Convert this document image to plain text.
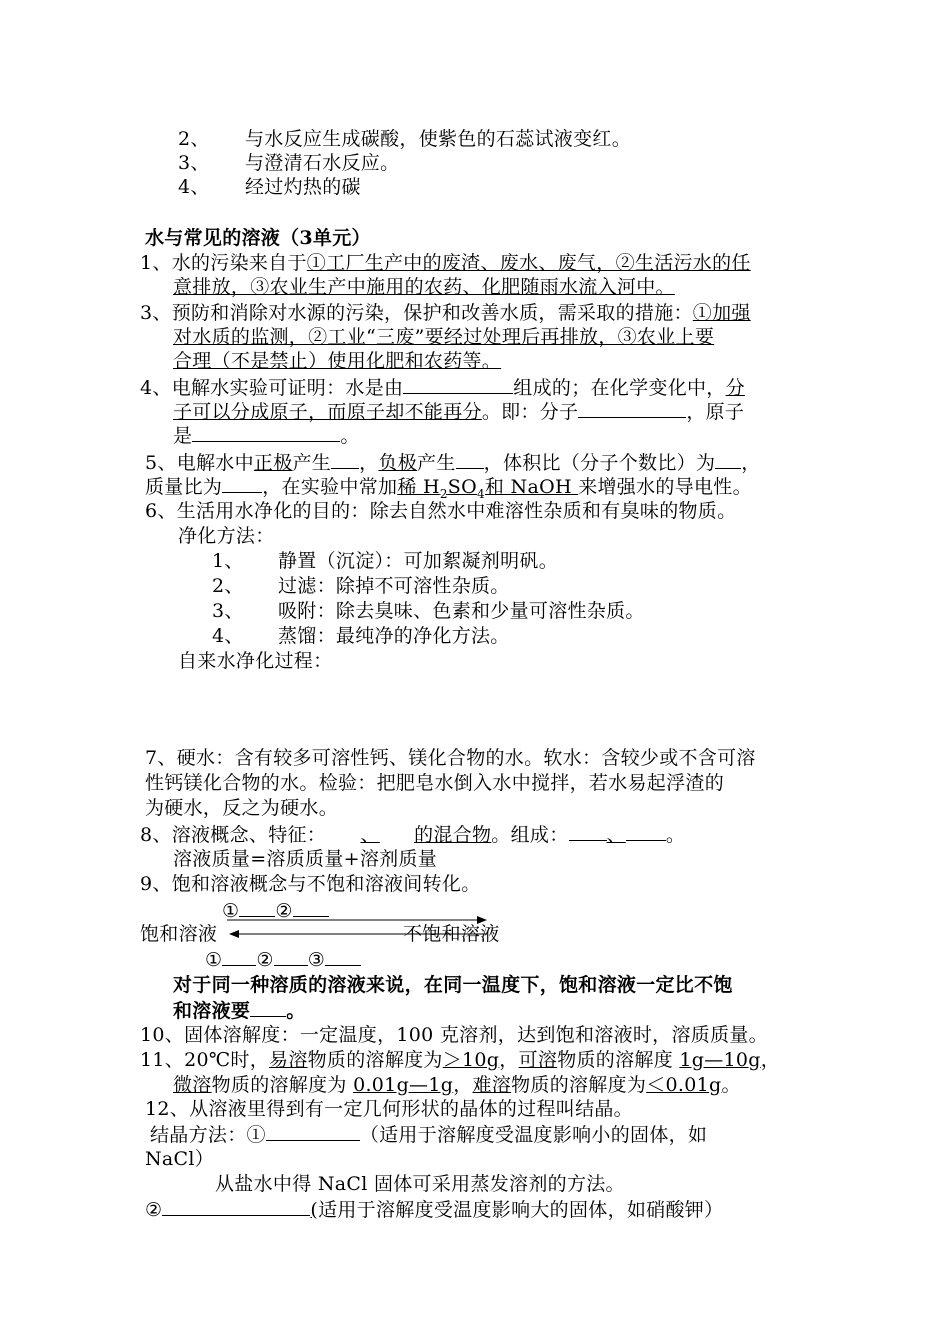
2、 与水反应生成碳酸，使紫色的石蕊试液变红。
3、 与澄清石水反应。
4、 经过灼热的碳
水与常见的溶液（3单元）
1、水的污染来自于①工厂生产中的废渣、废水、废气，②生活污水的任
意排放，③农业生产中施用的农药、化肥随雨水流入河中。
3、预防和消除对水源的污染，保护和改善水质，需采取的措施：①加强
对水质的监测，②工业“三废”要经过处理后再排放，③农业上要
合理（不是禁止）使用化肥和农药等。
4、电解水实验可证明：水是由	组成的；在化学变化中，分
子可以分成原子，而原子却不能再分。即：分子	，原子
是	。
5、电解水中正极产生 ，负极产生 ，体积比（分子个数比）为 ，
质量比为 ，在实验中常加稀 $H_2SO_4$和 NaOH 来增强水的导电性。
6、生活用水净化的目的：除去自然水中难溶性杂质和有臭味的物质。
净化方法：
1、 静置（沉淀）：可加絮凝剂明矾。
2、 过滤：除掉不可溶性杂质。
3、 吸附：除去臭味、色素和少量可溶性杂质。
4、 蒸馏：最纯净的净化方法。
自来水净化过程：
7、硬水：含有较多可溶性钙、镁化合物的水。软水：含较少或不含可溶
性钙镁化合物的水。检验：把肥皂水倒入水中搅拌，若水易起浮渣的
为硬水，反之为硬水。
8、溶液概念、特征： 、 的混合物。组成： 、 。
溶液质量=溶质质量+溶剂质量
9、饱和溶液概念与不饱和溶液间转化。
① ②
饱和溶液	不饱和溶液
① ② ③
对于同一种溶质的溶液来说，在同一温度下，饱和溶液一定比不饱
和溶液要 。
10、固体溶解度：一定温度，100 克溶剂，达到饱和溶液时，溶质质量。
11、20℃时，易溶物质的溶解度为＞10g，可溶物质的溶解度 1g—10g，
微溶物质的溶解度为 0.01g—1g，难溶物质的溶解度为＜0.01g。
12、从溶液里得到有一定几何形状的晶体的过程叫结晶。
结晶方法：①	（适用于溶解度受温度影响小的固体，如
NaCl）
从盐水中得 NaCl 固体可采用蒸发溶剂的方法。
②	(适用于溶解度受温度影响大的固体，如硝酸钾）
